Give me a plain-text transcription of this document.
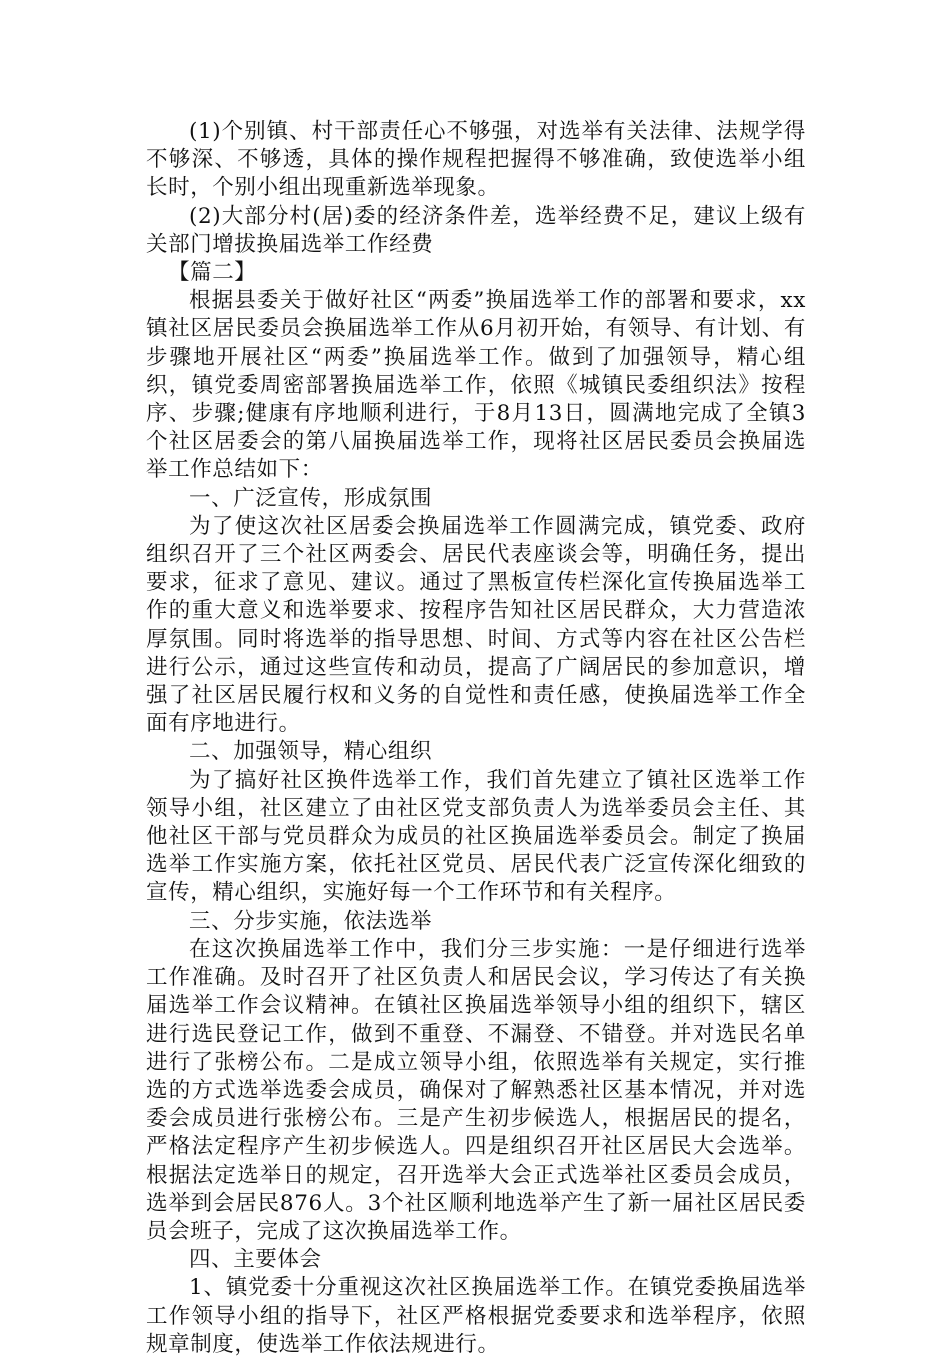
(1)个别镇、村干部责任心不够强，对选举有关法律、法规学得不够深、不够透，具体的操作规程把握得不够准确，致使选举小组长时，个别小组出现重新选举现象。

(2)大部分村(居)委的经济条件差，选举经费不足，建议上级有关部门增拔换届选举工作经费

【篇二】

根据县委关于做好社区“两委”换届选举工作的部署和要求，xx镇社区居民委员会换届选举工作从6月初开始，有领导、有计划、有步骤地开展社区“两委”换届选举工作。做到了加强领导，精心组织，镇党委周密部署换届选举工作，依照《城镇民委组织法》按程序、步骤;健康有序地顺利进行，于8月13日，圆满地完成了全镇3个社区居委会的第八届换届选举工作，现将社区居民委员会换届选举工作总结如下：

一、广泛宣传，形成氛围

为了使这次社区居委会换届选举工作圆满完成，镇党委、政府组织召开了三个社区两委会、居民代表座谈会等，明确任务，提出要求，征求了意见、建议。通过了黑板宣传栏深化宣传换届选举工作的重大意义和选举要求、按程序告知社区居民群众，大力营造浓厚氛围。同时将选举的指导思想、时间、方式等内容在社区公告栏进行公示，通过这些宣传和动员，提高了广阔居民的参加意识，增强了社区居民履行权和义务的自觉性和责任感，使换届选举工作全面有序地进行。

二、加强领导，精心组织

为了搞好社区换件选举工作，我们首先建立了镇社区选举工作领导小组，社区建立了由社区党支部负责人为选举委员会主任、其他社区干部与党员群众为成员的社区换届选举委员会。制定了换届选举工作实施方案，依托社区党员、居民代表广泛宣传深化细致的宣传，精心组织，实施好每一个工作环节和有关程序。

三、分步实施，依法选举

在这次换届选举工作中，我们分三步实施：一是仔细进行选举工作准确。及时召开了社区负责人和居民会议，学习传达了有关换届选举工作会议精神。在镇社区换届选举领导小组的组织下，辖区进行选民登记工作，做到不重登、不漏登、不错登。并对选民名单进行了张榜公布。二是成立领导小组，依照选举有关规定，实行推选的方式选举选委会成员，确保对了解熟悉社区基本情况，并对选委会成员进行张榜公布。三是产生初步候选人，根据居民的提名，严格法定程序产生初步候选人。四是组织召开社区居民大会选举。根据法定选举日的规定，召开选举大会正式选举社区委员会成员，选举到会居民876人。3个社区顺利地选举产生了新一届社区居民委员会班子，完成了这次换届选举工作。

四、主要体会

1、镇党委十分重视这次社区换届选举工作。在镇党委换届选举工作领导小组的指导下，社区严格根据党委要求和选举程序，依照规章制度，使选举工作依法规进行。
